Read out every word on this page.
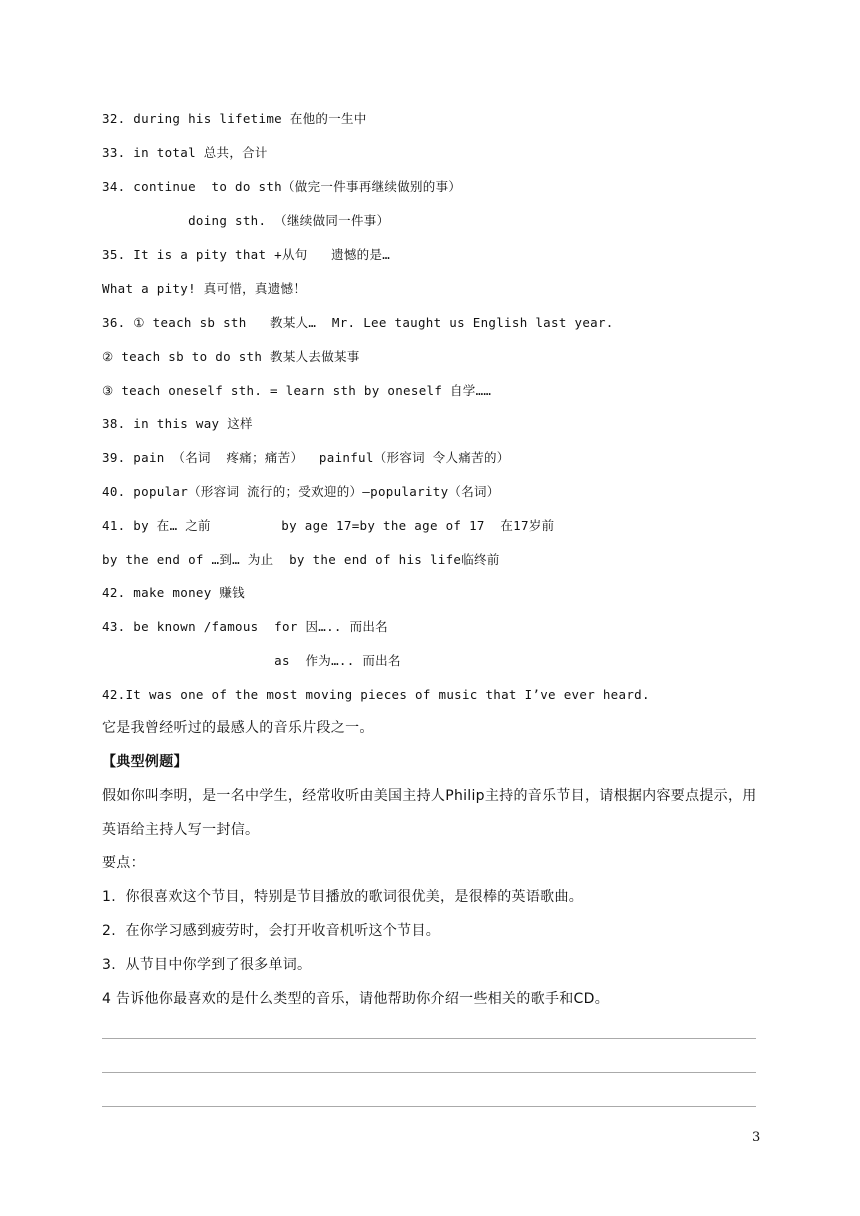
32. during his lifetime 在他的一生中
33. in total 总共，合计
34. continue  to do sth（做完一件事再继续做别的事）
doing sth. （继续做同一件事）
35. It is a pity that +从句   遗憾的是…
What a pity! 真可惜，真遗憾！
36. ① teach sb sth   教某人…  Mr. Lee taught us English last year.
② teach sb to do sth 教某人去做某事
③ teach oneself sth. = learn sth by oneself 自学……
38. in this way 这样
39. pain （名词  疼痛；痛苦）  painful（形容词 令人痛苦的）
40. popular（形容词 流行的；受欢迎的）—popularity（名词）
41. by 在… 之前         by age 17=by the age of 17  在17岁前
by the end of …到… 为止  by the end of his life临终前
42. make money 赚钱
43. be known /famous  for 因….. 而出名
as  作为….. 而出名
42.It was one of the most moving pieces of music that I’ve ever heard.
它是我曾经听过的最感人的音乐片段之一。
【典型例题】
假如你叫李明，是一名中学生，经常收听由美国主持人Philip主持的音乐节目，请根据内容要点提示，用英语给主持人写一封信。
要点：
1.  你很喜欢这个节目，特别是节目播放的歌词很优美，是很棒的英语歌曲。
2.  在你学习感到疲劳时，会打开收音机听这个节目。
3.  从节目中你学到了很多单词。
4 告诉他你最喜欢的是什么类型的音乐，请他帮助你介绍一些相关的歌手和CD。
3
